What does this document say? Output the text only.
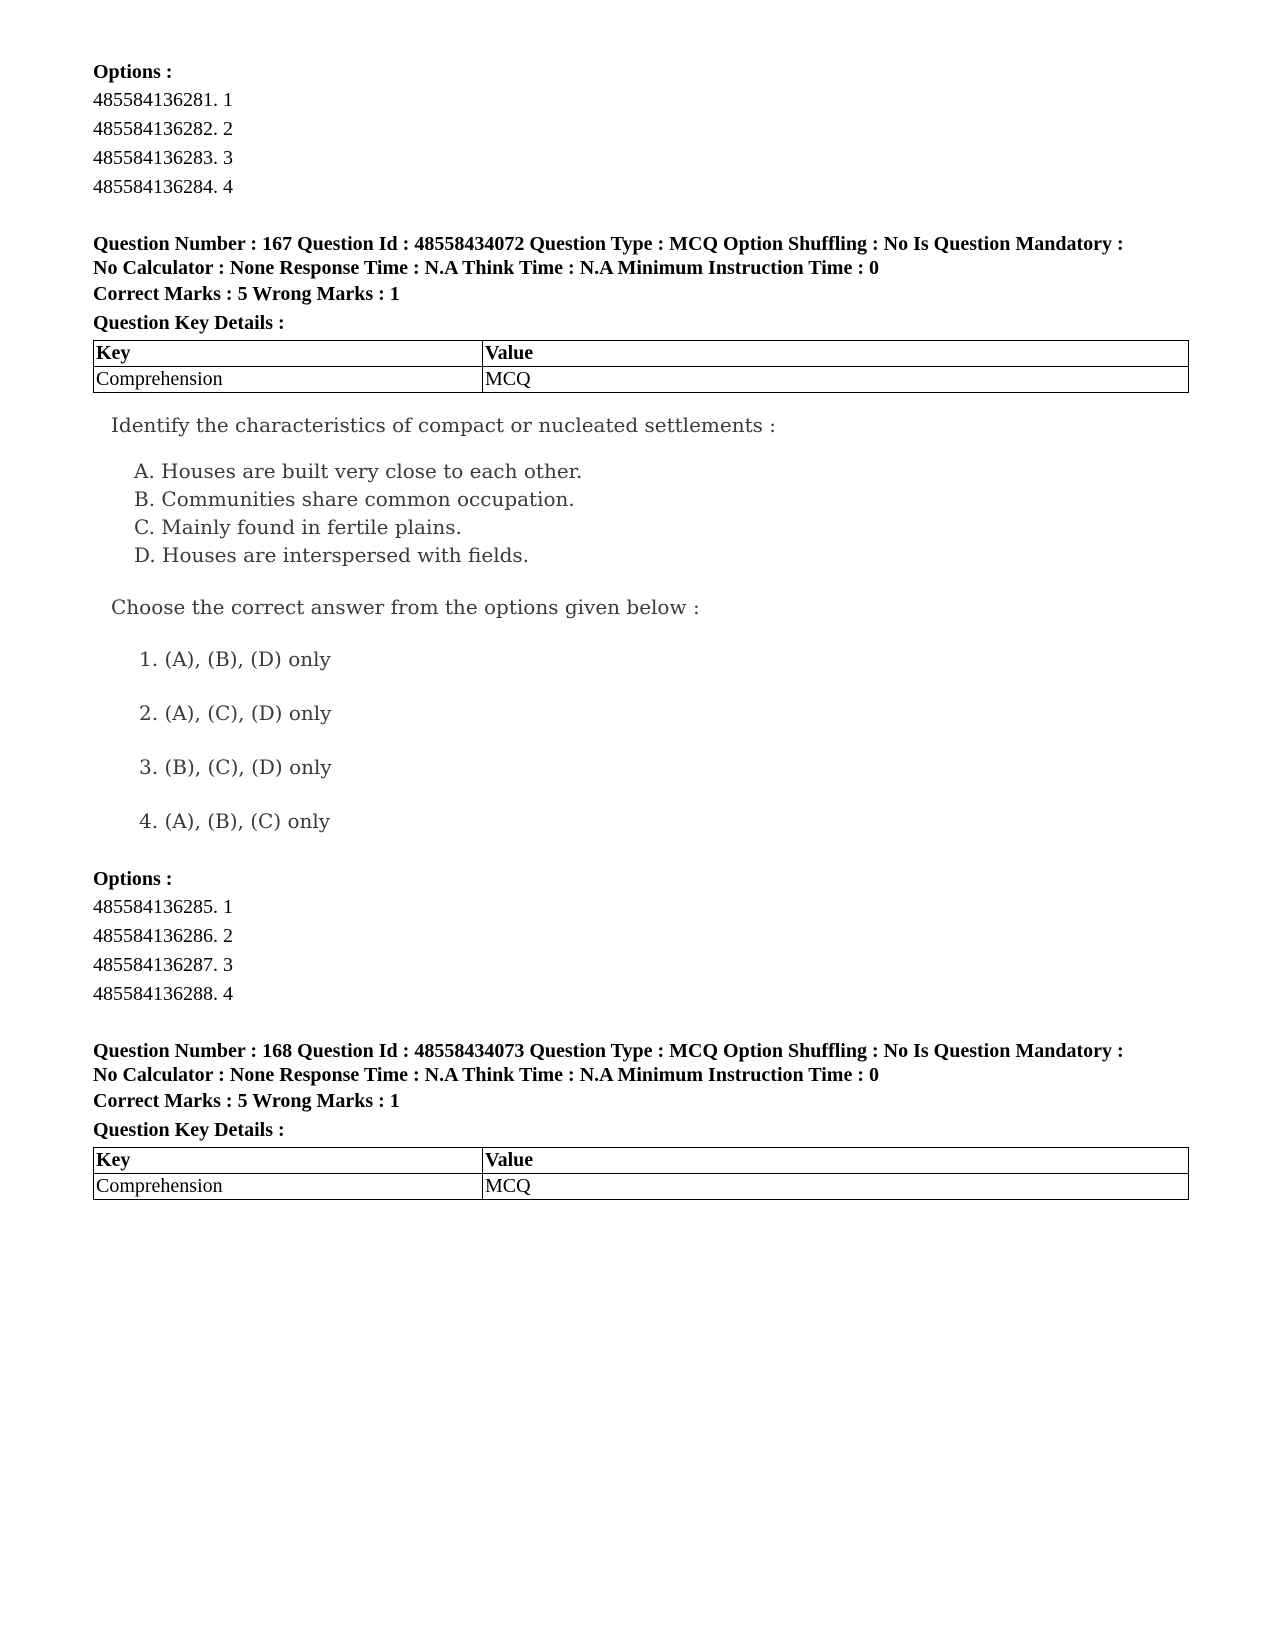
Options :
485584136281. 1
485584136282. 2
485584136283. 3
485584136284. 4
Question Number : 167 Question Id : 48558434072 Question Type : MCQ Option Shuffling : No Is Question Mandatory :
No Calculator : None Response Time : N.A Think Time : N.A Minimum Instruction Time : 0
Correct Marks : 5 Wrong Marks : 1
Question Key Details :
Key	Value
Comprehension	MCQ
Identify the characteristics of compact or nucleated settlements :
A. Houses are built very close to each other.
B. Communities share common occupation.
C. Mainly found in fertile plains.
D. Houses are interspersed with fields.
Choose the correct answer from the options given below :
1. (A), (B), (D) only
2. (A), (C), (D) only
3. (B), (C), (D) only
4. (A), (B), (C) only
Options :
485584136285. 1
485584136286. 2
485584136287. 3
485584136288. 4
Question Number : 168 Question Id : 48558434073 Question Type : MCQ Option Shuffling : No Is Question Mandatory :
No Calculator : None Response Time : N.A Think Time : N.A Minimum Instruction Time : 0
Correct Marks : 5 Wrong Marks : 1
Question Key Details :
Key	Value
Comprehension	MCQ
